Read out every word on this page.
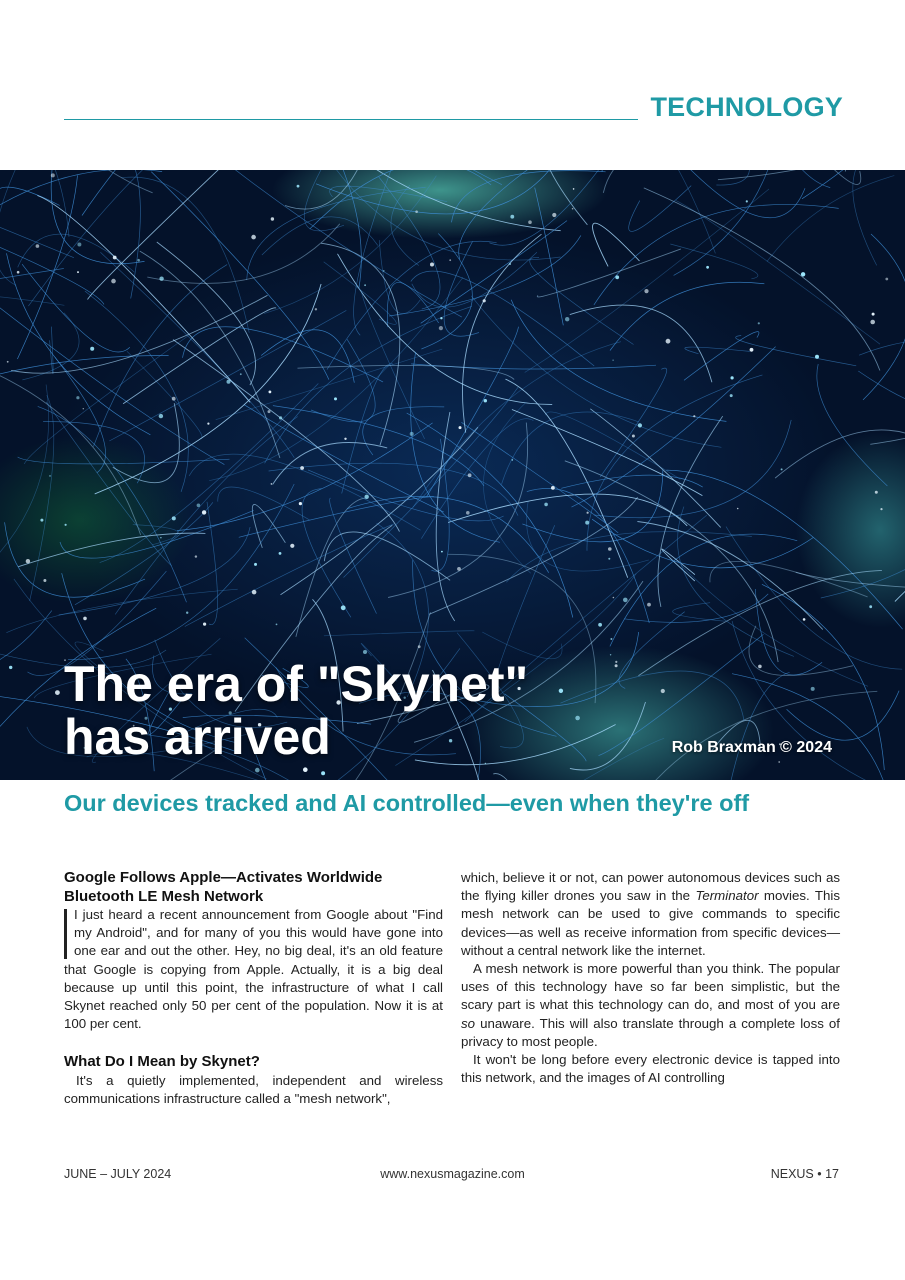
TECHNOLOGY
The era of "Skynet"
has arrived	Rob Braxman © 2024
Our devices tracked and AI controlled—even when they're off
Google Follows Apple—Activates Worldwide Bluetooth LE Mesh Network

I just heard a recent announcement from Google about "Find my Android", and for many of you this would have gone into one ear and out the other. Hey, no big deal, it's an old feature that Google is copying from Apple. Actually, it is a big deal because up until this point, the infrastructure of what I call Skynet reached only 50 per cent of the population. Now it is at 100 per cent.

What Do I Mean by Skynet?

It's a quietly implemented, independent and wireless communications infrastructure called a "mesh network",

which, believe it or not, can power autonomous devices such as the flying killer drones you saw in the Terminator movies. This mesh network can be used to give commands to specific devices—as well as receive information from specific devices—without a central network like the internet.

A mesh network is more powerful than you think. The popular uses of this technology have so far been simplistic, but the scary part is what this technology can do, and most of you are so unaware. This will also translate through a complete loss of privacy to most people.

It won't be long before every electronic device is tapped into this network, and the images of AI controlling

JUNE – JULY 2024	www.nexusmagazine.com	NEXUS • 17
